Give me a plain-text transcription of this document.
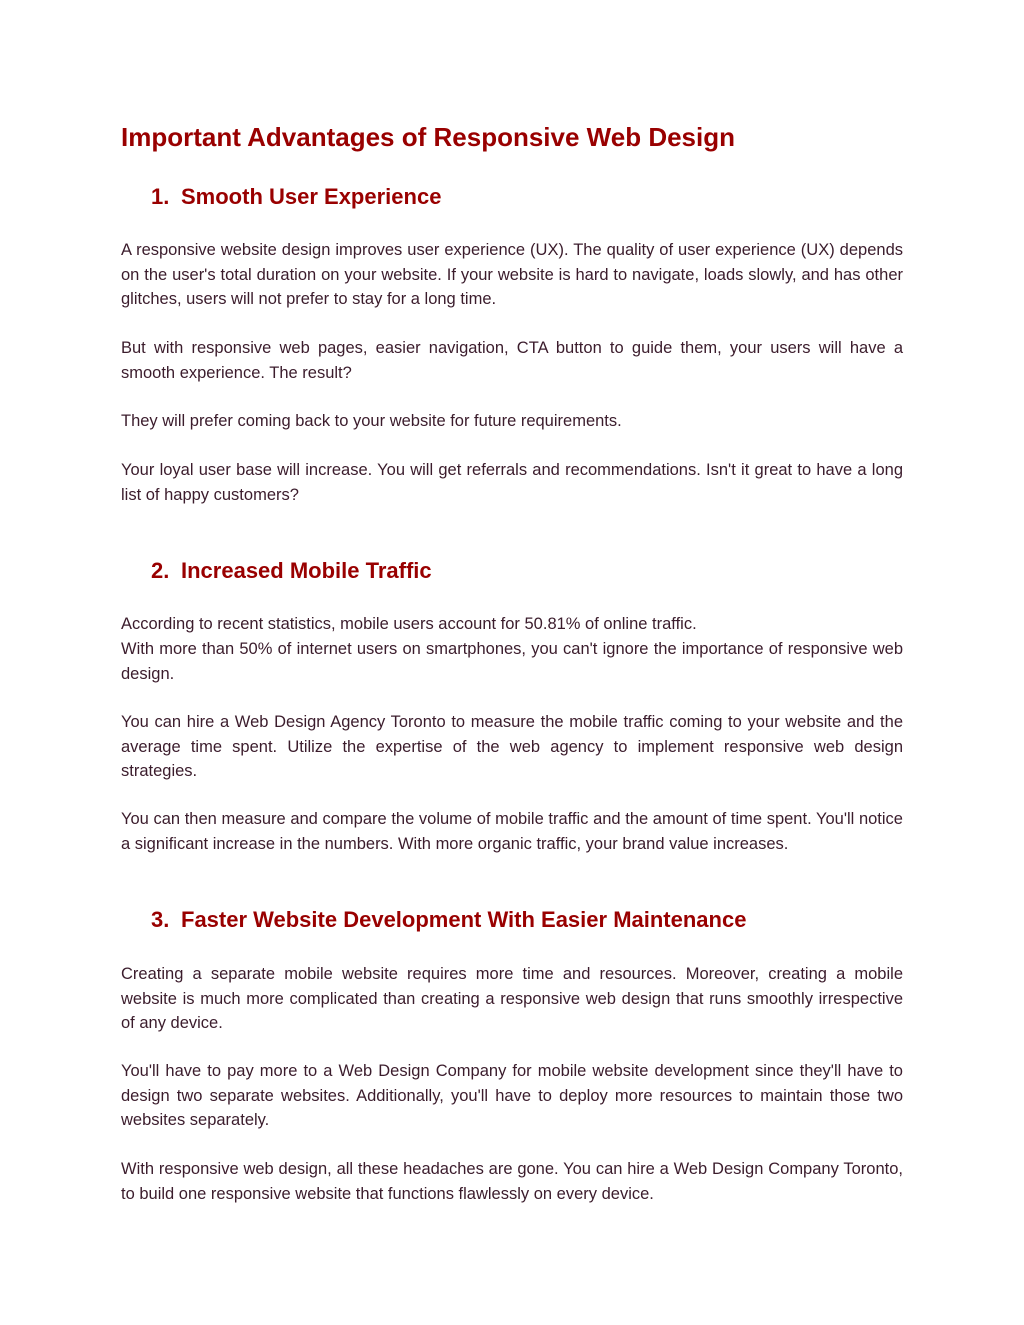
Important Advantages of Responsive Web Design
1. Smooth User Experience

A responsive website design improves user experience (UX). The quality of user experience (UX) depends on the user's total duration on your website. If your website is hard to navigate, loads slowly, and has other glitches, users will not prefer to stay for a long time.

But with responsive web pages, easier navigation, CTA button to guide them, your users will have a smooth experience. The result?

They will prefer coming back to your website for future requirements.

Your loyal user base will increase. You will get referrals and recommendations. Isn't it great to have a long list of happy customers?

2. Increased Mobile Traffic

According to recent statistics, mobile users account for 50.81% of online traffic.

With more than 50% of internet users on smartphones, you can't ignore the importance of responsive web design.

You can hire a Web Design Agency Toronto to measure the mobile traffic coming to your website and the average time spent. Utilize the expertise of the web agency to implement responsive web design strategies.

You can then measure and compare the volume of mobile traffic and the amount of time spent. You'll notice a significant increase in the numbers. With more organic traffic, your brand value increases.

3. Faster Website Development With Easier Maintenance

Creating a separate mobile website requires more time and resources. Moreover, creating a mobile website is much more complicated than creating a responsive web design that runs smoothly irrespective of any device.

You'll have to pay more to a Web Design Company for mobile website development since they'll have to design two separate websites. Additionally, you'll have to deploy more resources to maintain those two websites separately.

With responsive web design, all these headaches are gone. You can hire a Web Design Company Toronto, to build one responsive website that functions flawlessly on every device.
